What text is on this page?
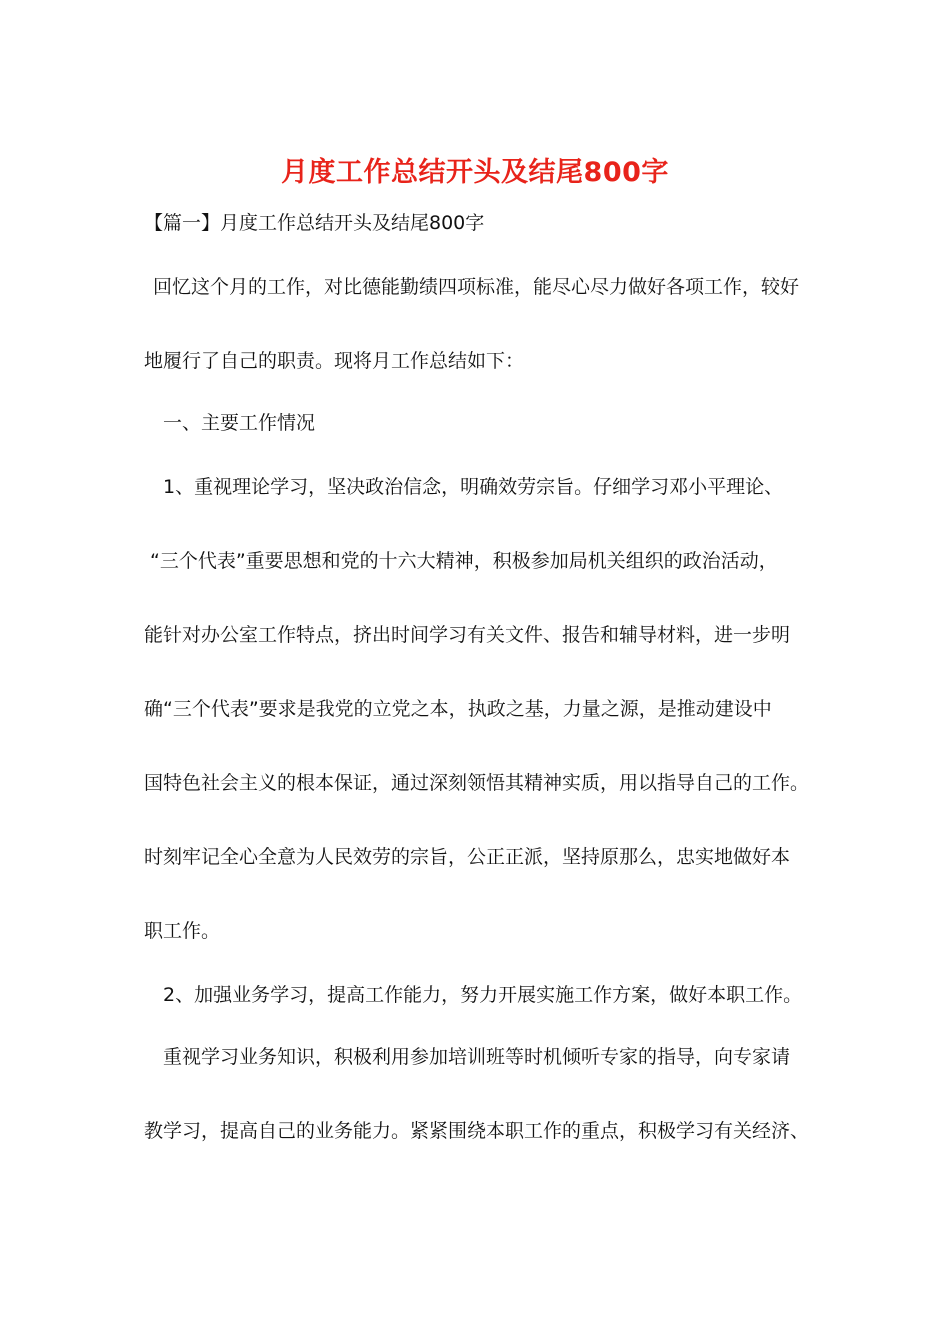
月度工作总结开头及结尾800字
【篇一】月度工作总结开头及结尾800字
回忆这个月的工作，对比德能勤绩四项标准，能尽心尽力做好各项工作，较好
地履行了自己的职责。现将月工作总结如下：
一、主要工作情况
1、重视理论学习，坚决政治信念，明确效劳宗旨。仔细学习邓小平理论、
“三个代表”重要思想和党的十六大精神，积极参加局机关组织的政治活动，
能针对办公室工作特点，挤出时间学习有关文件、报告和辅导材料，进一步明
确“三个代表”要求是我党的立党之本，执政之基，力量之源，是推动建设中
国特色社会主义的根本保证，通过深刻领悟其精神实质，用以指导自己的工作。
时刻牢记全心全意为人民效劳的宗旨，公正正派，坚持原那么，忠实地做好本
职工作。
2、加强业务学习，提高工作能力，努力开展实施工作方案，做好本职工作。
重视学习业务知识，积极利用参加培训班等时机倾听专家的指导，向专家请
教学习，提高自己的业务能力。紧紧围绕本职工作的重点，积极学习有关经济、
